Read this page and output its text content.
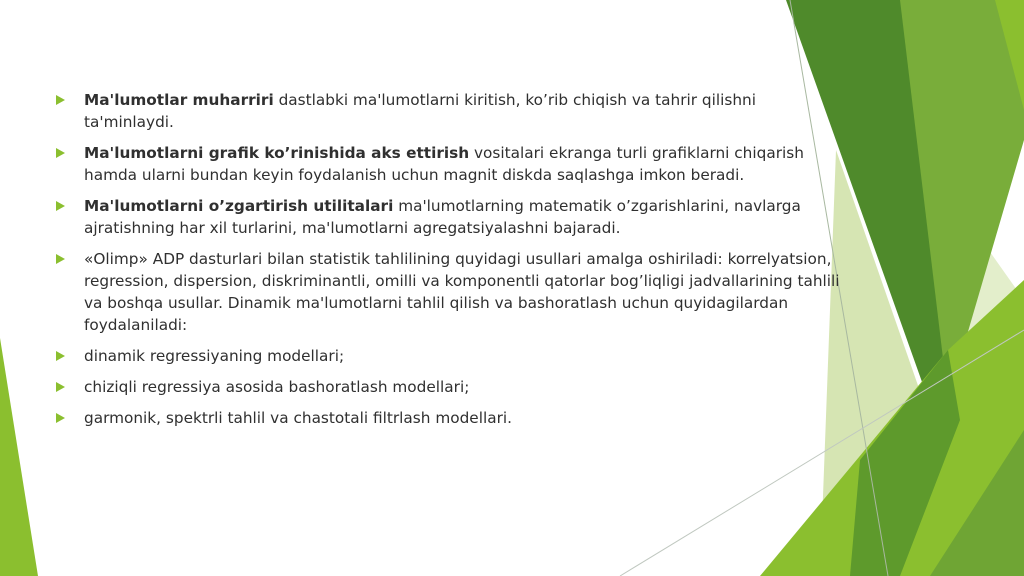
Ma'lumotlar muharriri dastlabki ma'lumotlarni kiritish, ko’rib chiqish va tahrir qilishni ta'minlaydi.
Ma'lumotlarni grafik ko’rinishida aks ettirish vositalari ekranga turli grafiklarni chiqarish hamda ularni bundan keyin foydalanish uchun magnit diskda saqlashga imkon beradi.
Ma'lumotlarni o’zgartirish utilitalari ma'lumotlarning matematik o’zgarishlarini, navlarga ajratishning har xil turlarini, ma'lumotlarni agregatsiyalashni bajaradi.
«Olimp» ADP dasturlari bilan statistik tahlilining quyidagi usullari amalga oshiriladi: korrelyatsion, regression, dispersion, diskriminantli, omilli va komponentli qatorlar bog’liqligi jadvallarining tahlili va boshqa usullar. Dinamik ma'lumotlarni tahlil qilish va bashoratlash uchun quyidagilardan foydalaniladi:
dinamik regressiyaning modellari;
chiziqli regressiya asosida bashoratlash modellari;
garmonik, spektrli tahlil va chastotali filtrlash modellari.
